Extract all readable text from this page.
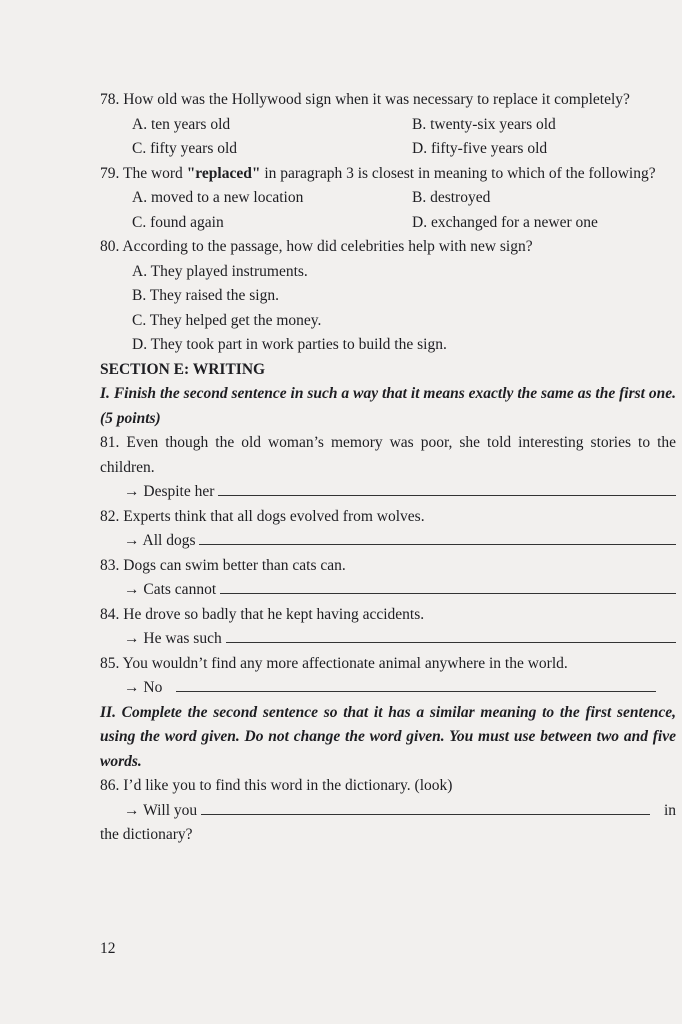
78. How old was the Hollywood sign when it was necessary to replace it completely?
A. ten years old	B. twenty-six years old
C. fifty years old	D. fifty-five years old
79. The word "replaced" in paragraph 3 is closest in meaning to which of the following?
A. moved to a new location	B. destroyed
C. found again	D. exchanged for a newer one
80. According to the passage, how did celebrities help with new sign?
A. They played instruments.
B. They raised the sign.
C. They helped get the money.
D. They took part in work parties to build the sign.
SECTION E: WRITING
I. Finish the second sentence in such a way that it means exactly the same as the first one. (5 points)
81. Even though the old woman’s memory was poor, she told interesting stories to the children.
→ Despite her
82. Experts think that all dogs evolved from wolves.
→ All dogs
83. Dogs can swim better than cats can.
→ Cats cannot
84. He drove so badly that he kept having accidents.
→ He was such
85. You wouldn’t find any more affectionate animal anywhere in the world.
→ No
II. Complete the second sentence so that it has a similar meaning to the first sentence, using the word given. Do not change the word given. You must use between two and five words.
86. I’d like you to find this word in the dictionary. (look)
→ Will you	in
the dictionary?
12
